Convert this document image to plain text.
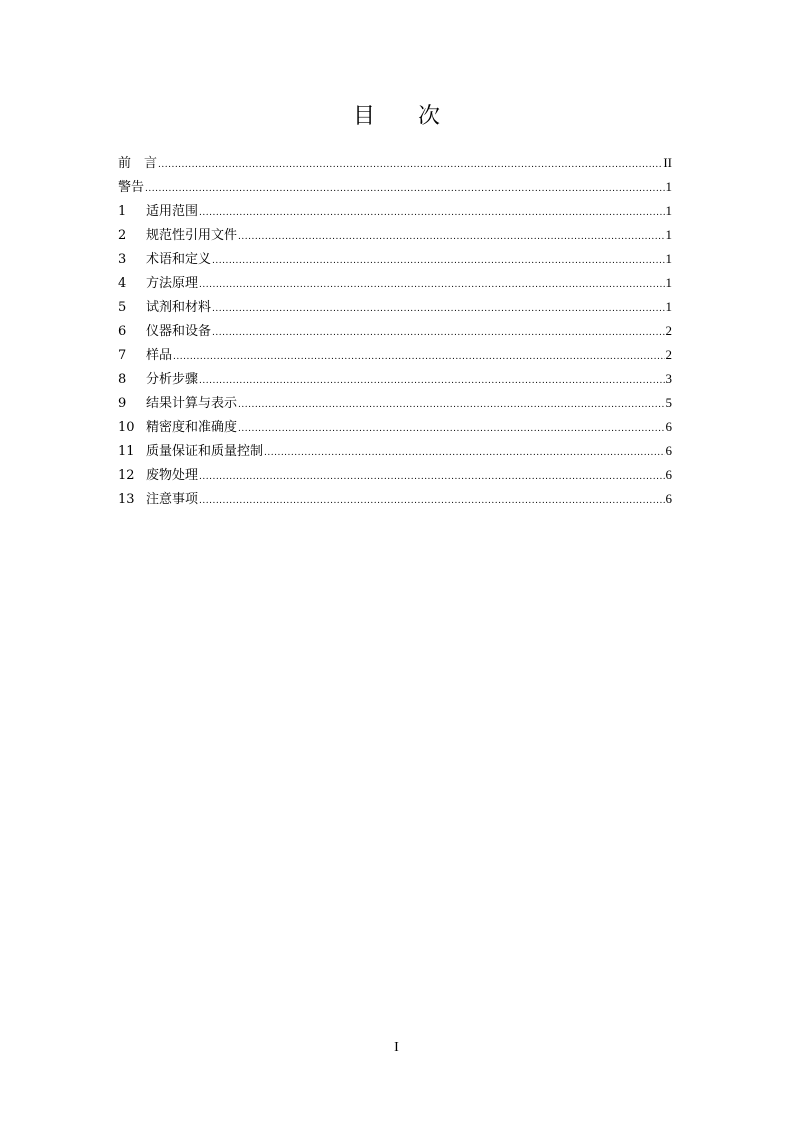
目 次
前　言 .....	II
警告 .....	1
1	适用范围 .....	1
2	规范性引用文件 .....	1
3	术语和定义 .....	1
4	方法原理 .....	1
5	试剂和材料 .....	1
6	仪器和设备 .....	2
7	样品 .....	2
8	分析步骤 .....	3
9	结果计算与表示 .....	5
10 精密度和准确度 .....	6
11 质量保证和质量控制 .....	6
12 废物处理 .....	6
13 注意事项 .....	6
I
